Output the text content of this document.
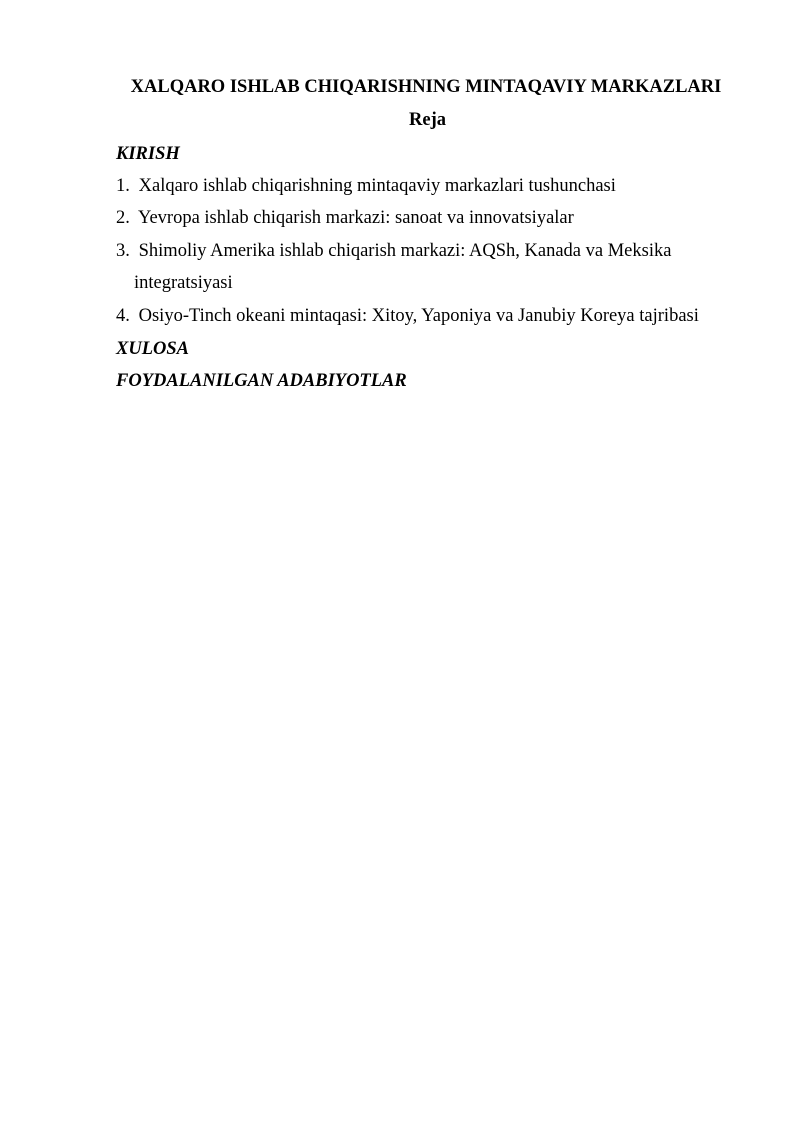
XALQARO ISHLAB CHIQARISHNING MINTAQAVIY MARKAZLARI
Reja
KIRISH
1. Xalqaro ishlab chiqarishning mintaqaviy markazlari tushunchasi
2. Yevropa ishlab chiqarish markazi: sanoat va innovatsiyalar
3. Shimoliy Amerika ishlab chiqarish markazi: AQSh, Kanada va Meksika
integratsiyasi
4. Osiyo-Tinch okeani mintaqasi: Xitoy, Yaponiya va Janubiy Koreya tajribasi
XULOSA
FOYDALANILGAN ADABIYOTLAR
